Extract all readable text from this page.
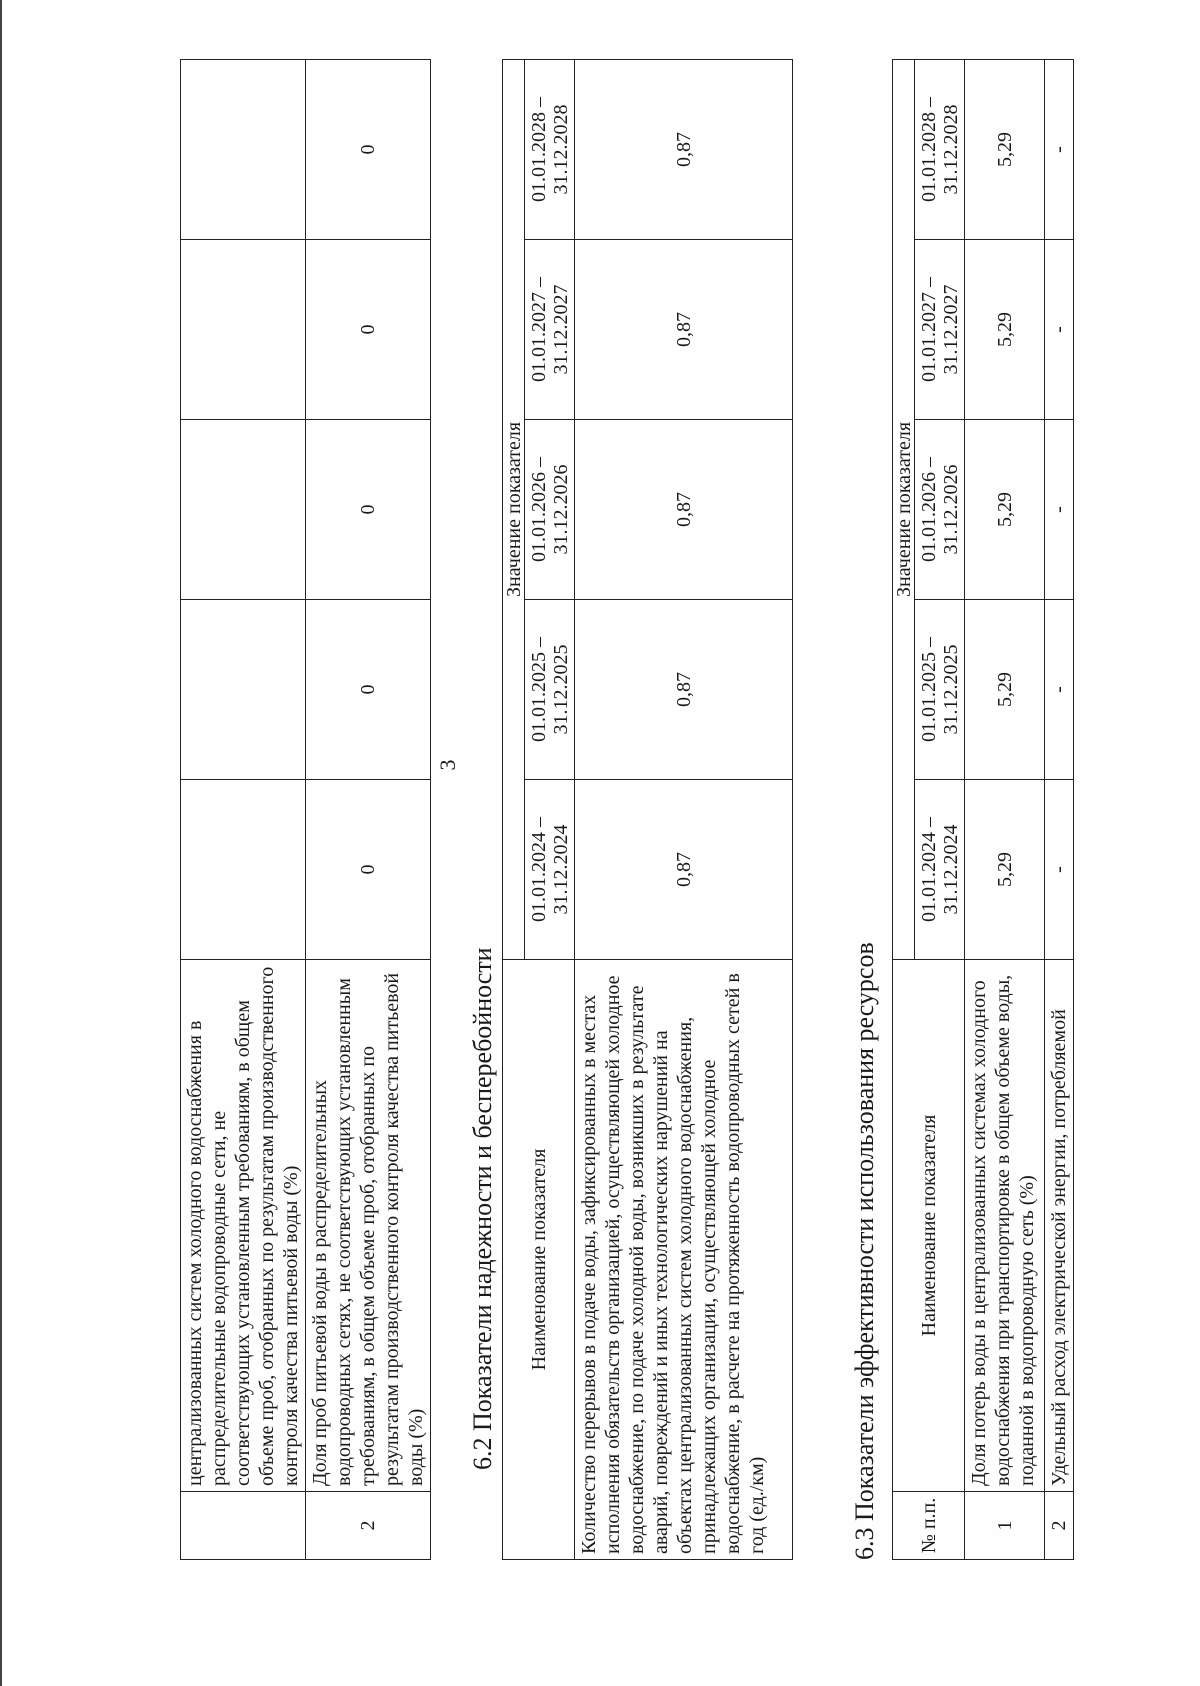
	централизованных систем холодного водоснабжения в распределительные водопроводные сети, не соответствующих установленным требованиям, в общем объеме проб, отобранных по результатам производственного контроля качества питьевой воды (%)					
2	Доля проб питьевой воды в распределительных водопроводных сетях, не соответствующих установленным требованиям, в общем объеме проб, отобранных по результатам производственного контроля качества питьевой воды (%)	0	0	0	0	0
3
6.2 Показатели надежности и бесперебойности Наименование показателя	Значение показателя				
	01.01.2024 – 31.12.2024	01.01.2025 – 31.12.2025	01.01.2026 – 31.12.2026	01.01.2027 – 31.12.2027	01.01.2028 – 31.12.2028
Количество перерывов в подаче воды, зафиксированных в местах исполнения обязательств организацией, осуществляющей холодное водоснабжение, по подаче холодной воды, возникших в результате аварий, повреждений и иных технологических нарушений на объектах централизованных систем холодного водоснабжения, принадлежащих организации, осуществляющей холодное водоснабжение, в расчете на протяженность водопроводных сетей в год (ед./км)	0,87	0,87	0,87	0,87	0,87
6.3 Показатели эффективности использования ресурсов № п.п.	Наименование показателя	Значение показателя				
		01.01.2024 – 31.12.2024	01.01.2025 – 31.12.2025	01.01.2026 – 31.12.2026	01.01.2027 – 31.12.2027	01.01.2028 – 31.12.2028
1	Доля потерь воды в централизованных системах холодного водоснабжения при транспортировке в общем объеме воды, поданной в водопроводную сеть (%)	5,29	5,29	5,29	5,29	5,29
2	Удельный расход электрической энергии, потребляемой	-	-	-	-	-
